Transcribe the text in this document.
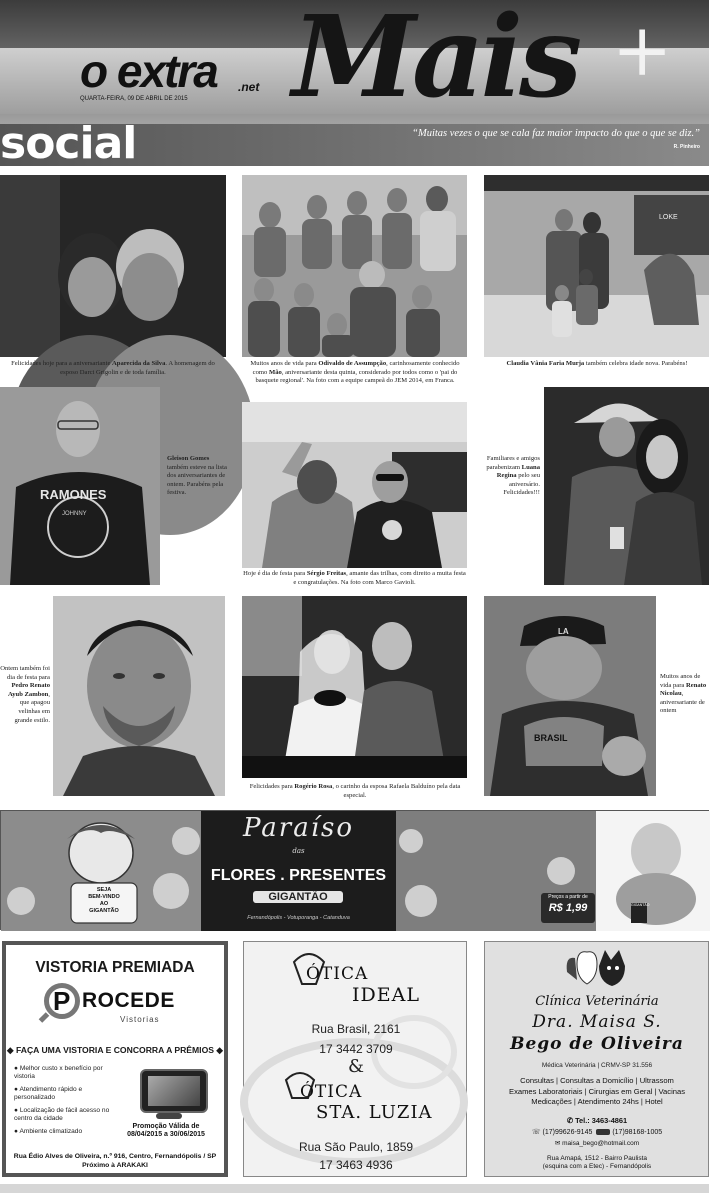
o extra .net
QUARTA-FEIRA, 09 DE ABRIL DE 2015 Mais +
social	“Muitas vezes o que se cala faz maior impacto do que o que se diz.”
R. Pinheiro
Felicidades hoje para a aniversariante Aparecida da Silva. A homenagem do esposo Darci Grigolin e de toda família.
Muitos anos de vida para Odivaldo de Assumpção, carinhosamente conhecido como Mão, aniversariante desta quinta, considerado por todos como o 'pai do basquete regional'. Na foto com a equipe campeã do JEM 2014, em Franca.
LOKE
Claudia Vânia Faria Murja também celebra idade nova. Parabéns!
RAMONES
JOHNNY
Gleison Gomes também esteve na lista dos aniversariantes de ontem. Parabéns pela festiva.
Hoje é dia de festa para Sérgio Freitas, amante das trilhas, com direito a muita festa e congratulações. Na foto com Marco Gavioli.
Familiares e amigos parabenizam Luana Regina pelo seu aniversário. Felicidades!!!
Ontem também foi dia de festa para Pedro Renato Ayub Zambon, que apagou velinhas em grande estilo.
Felicidades para Rogério Rosa, o carinho da esposa Rafaela Balduíno pela data especial.
LA
BRASIL
Muitos anos de vida para Renato Nicolau, aniversariante de ontem
SEJA
BEM-VINDO
AO
GIGANTÃO
Paraíso
das
FLORES . PRESENTES
GIGANTÃO
Fernandópolis - Votuporanga - Catanduva
Preços a partir de
R$ 1,99	GIGANTÃO
VISTORIA PREMIADA
P ROCEDE
Vistorias
◆ FAÇA UMA VISTORIA E CONCORRA A PRÊMIOS ◆
● Melhor custo x benefício por vistoria
● Atendimento rápido e personalizado
● Localização de fácil acesso no centro da cidade
● Ambiente climatizado
Promoção Válida de
08/04/2015 a 30/06/2015
Rua Édio Alves de Oliveira, n.º 916, Centro, Fernandópolis / SP
Próximo à ARAKAKI
ÓTICA
IDEAL
Rua Brasil, 2161
17 3442 3709
&
ÓTICA
STA. LUZIA
Rua São Paulo, 1859
17 3463 4936
Clínica Veterinária
Dra. Maisa S.
Bego de Oliveira
Médica Veterinária | CRMV-SP 31.556
Consultas | Consultas a Domicílio | Ultrassom
Exames Laboratoriais | Cirurgias em Geral | Vacinas
Medicações | Atendimento 24hs | Hotel
✆ Tel.: 3463-4861
☏ (17)99626-9145	(17)98168-1005
✉ maisa_bego@hotmail.com
Rua Amapá, 1512 - Bairro Paulista
(esquina com a Etec) - Fernandópolis
